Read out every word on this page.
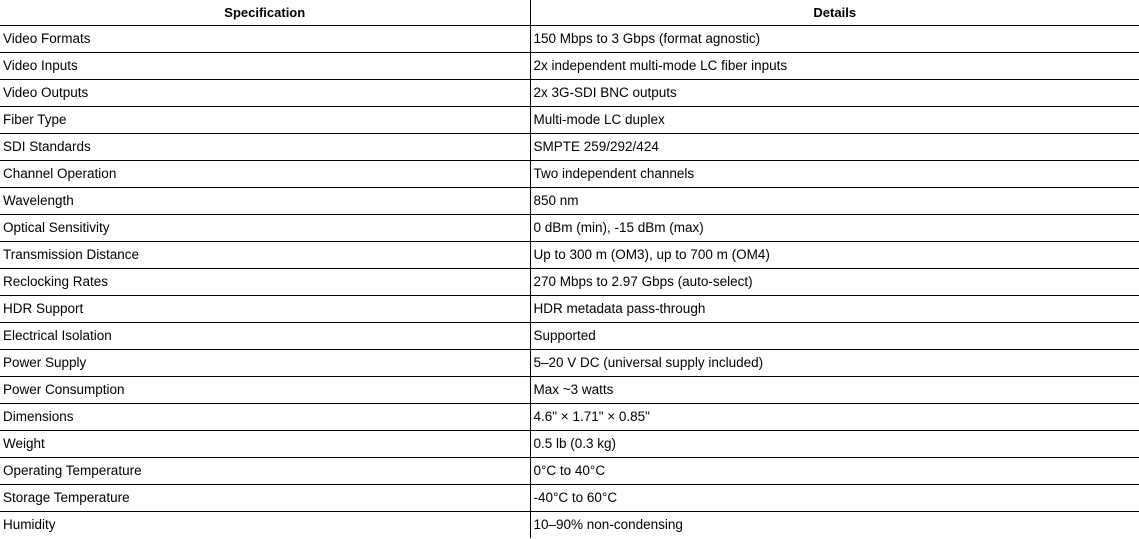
Specification	Details
Video Formats	150 Mbps to 3 Gbps (format agnostic)
Video Inputs	2x independent multi-mode LC fiber inputs
Video Outputs	2x 3G-SDI BNC outputs
Fiber Type	Multi-mode LC duplex
SDI Standards	SMPTE 259/292/424
Channel Operation	Two independent channels
Wavelength	850 nm
Optical Sensitivity	0 dBm (min), -15 dBm (max)
Transmission Distance	Up to 300 m (OM3), up to 700 m (OM4)
Reclocking Rates	270 Mbps to 2.97 Gbps (auto-select)
HDR Support	HDR metadata pass-through
Electrical Isolation	Supported
Power Supply	5–20 V DC (universal supply included)
Power Consumption	Max ~3 watts
Dimensions	4.6" × 1.71" × 0.85"
Weight	0.5 lb (0.3 kg)
Operating Temperature	0°C to 40°C
Storage Temperature	-40°C to 60°C
Humidity	10–90% non-condensing
